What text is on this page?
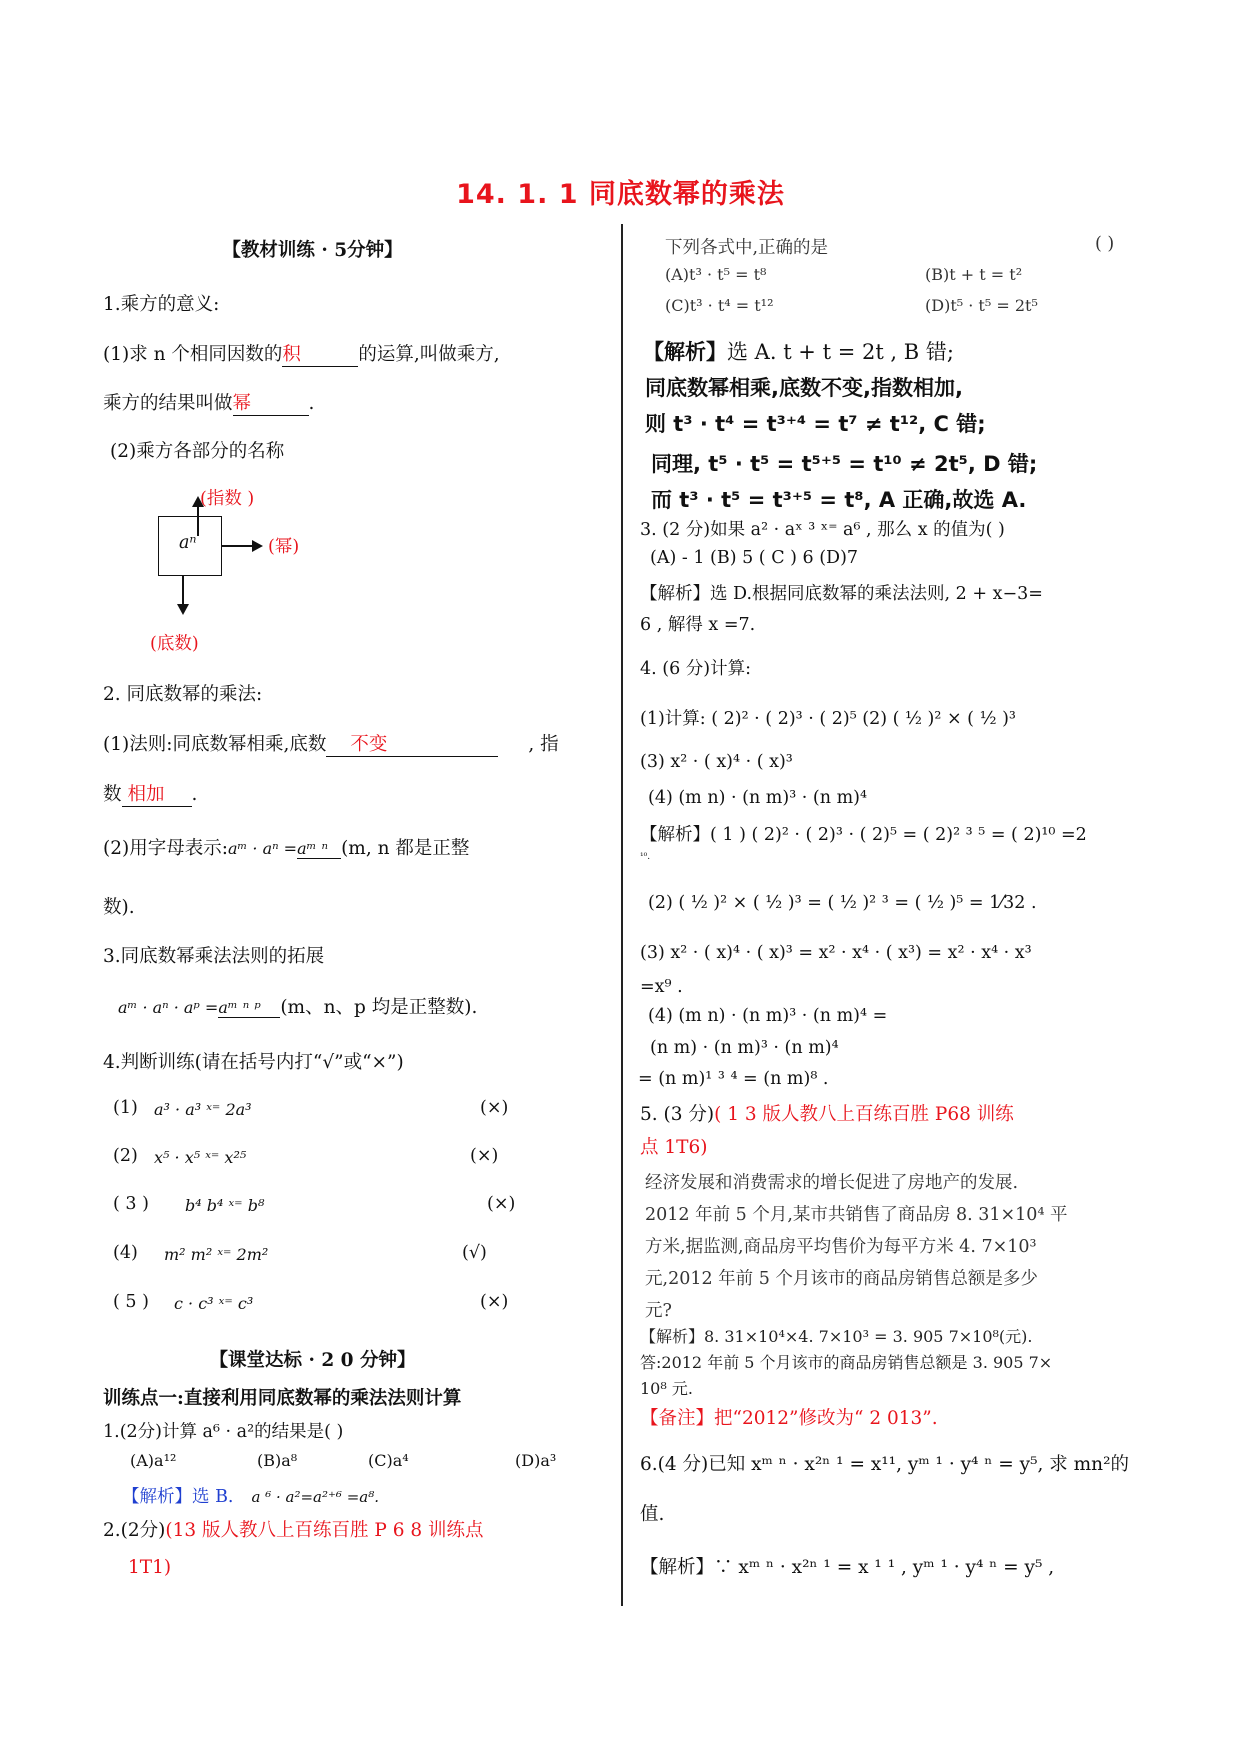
14. 1. 1 同底数幂的乘法
【教材训练 · 5分钟】
1.乘方的意义:
(1)求 n 个相同因数的积	的运算,叫做乘方,
乘方的结果叫做幂	.
(2)乘方各部分的名称
(指数 )
aⁿ	(幂)
(底数)
2. 同底数幂的乘法:
(1)法则:同底数幂相乘,底数 不变	, 指
数 相加 .
(2)用字母表示:aᵐ · aⁿ =aᵐ ⁿ (m, n 都是正整
数).
3.同底数幂乘法法则的拓展
aᵐ · aⁿ · aᵖ =aᵐ ⁿ ᵖ (m、n、p 均是正整数).
4.判断训练(请在括号内打“√”或“×”)
(1) a³ · a³ ˣ⁼ 2a³	(×)
(2) x⁵ · x⁵ ˣ⁼ x²⁵	(×)
( 3 ) b⁴ b⁴ ˣ⁼ b⁸	(×)
(4) m² m² ˣ⁼ 2m²	(√)
( 5 ) c · c³ ˣ⁼ c³	(×)
【课堂达标 · 2 0 分钟】
训练点一:直接利用同底数幂的乘法法则计算
1.(2分)计算 a⁶ · a²的结果是( )
(A)a¹²	(B)a⁸	(C)a⁴	(D)a³
【解析】选 B. a ⁶ · a²=a²⁺⁶ =a⁸.
2.(2分)(13 版人教八上百练百胜 P 6 8 训练点
1T1)
下列各式中,正确的是	( )
(A)t³ · t⁵ = t⁸	(B)t + t = t²
(C)t³ · t⁴ = t¹²	(D)t⁵ · t⁵ = 2t⁵
【解析】选 A. t + t = 2t , B 错;
同底数幂相乘,底数不变,指数相加,
则 t³ · t⁴ = t³⁺⁴ = t⁷ ≠ t¹², C 错;
同理, t⁵ · t⁵ = t⁵⁺⁵ = t¹⁰ ≠ 2t⁵, D 错;
而 t³ · t⁵ = t³⁺⁵ = t⁸, A 正确,故选 A.
3. (2 分)如果 a² · aˣ ³ ˣ⁼ a⁶ , 那么 x 的值为( )
(A) - 1 (B) 5 ( C ) 6 (D)7
【解析】选 D.根据同底数幂的乘法法则, 2 + x−3=
6 , 解得 x =7.
4. (6 分)计算:
(1)计算: ( 2)² · ( 2)³ · ( 2)⁵ (2) ( ½ )² × ( ½ )³
(3) x² · ( x)⁴ · ( x)³
(4) (m n) · (n m)³ · (n m)⁴
【解析】( 1 ) ( 2)² · ( 2)³ · ( 2)⁵ = ( 2)² ³ ⁵ = ( 2)¹⁰ =2
¹⁰.
(2) ( ½ )² × ( ½ )³ = ( ½ )² ³ = ( ½ )⁵ = 1⁄32 .
(3) x² · ( x)⁴ · ( x)³ = x² · x⁴ · ( x³) = x² · x⁴ · x³
=x⁹ .
(4) (m n) · (n m)³ · (n m)⁴ =
(n m) · (n m)³ · (n m)⁴
= (n m)¹ ³ ⁴ = (n m)⁸ .
5. (3 分)( 1 3 版人教八上百练百胜 P68 训练
点 1T6)
经济发展和消费需求的增长促进了房地产的发展.
2012 年前 5 个月,某市共销售了商品房 8. 31×10⁴ 平
方米,据监测,商品房平均售价为每平方米 4. 7×10³
元,2012 年前 5 个月该市的商品房销售总额是多少
元?
【解析】8. 31×10⁴×4. 7×10³ = 3. 905 7×10⁸(元).
答:2012 年前 5 个月该市的商品房销售总额是 3. 905 7×
10⁸ 元.
【备注】把“2012”修改为“ 2 013”.
6.(4 分)已知 xᵐ ⁿ · x²ⁿ ¹ = x¹¹, yᵐ ¹ · y⁴ ⁿ = y⁵, 求 mn²的
值.
【解析】∵ xᵐ ⁿ · x²ⁿ ¹ = x ¹ ¹ , yᵐ ¹ · y⁴ ⁿ = y⁵ ,
